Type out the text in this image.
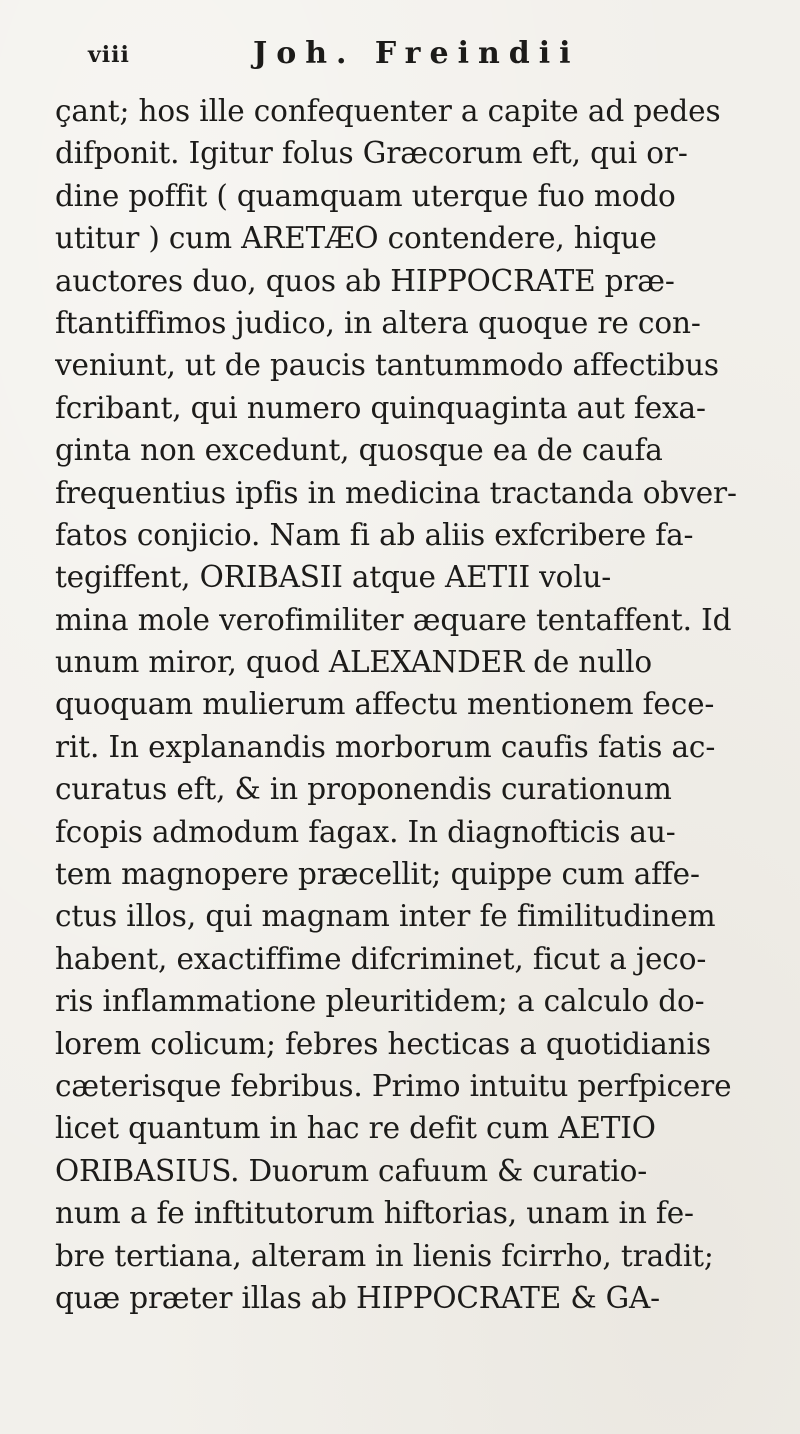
viii	Joh. Freindii
çant; hos ille confequenter a capite ad pedes
difponit. Igitur folus Græcorum eft, qui or-
dine poffit ( quamquam uterque fuo modo
utitur ) cum ARETÆO contendere, hique
auctores duo, quos ab HIPPOCRATE præ-
ftantiffimos judico, in altera quoque re con-
veniunt, ut de paucis tantummodo affectibus
fcribant, qui numero quinquaginta aut fexa-
ginta non excedunt, quosque ea de caufa
frequentius ipfis in medicina tractanda obver-
fatos conjicio. Nam fi ab aliis exfcribere fa-
tegiffent, ORIBASII atque AETII volu-
mina mole verofimiliter æquare tentaffent. Id
unum miror, quod ALEXANDER de nullo
quoquam mulierum affectu mentionem fece-
rit. In explanandis morborum caufis fatis ac-
curatus eft, & in proponendis curationum
fcopis admodum fagax. In diagnofticis au-
tem magnopere præcellit; quippe cum affe-
ctus illos, qui magnam inter fe fimilitudinem
habent, exactiffime difcriminet, ficut a jeco-
ris inflammatione pleuritidem; a calculo do-
lorem colicum; febres hecticas a quotidianis
cæterisque febribus. Primo intuitu perfpicere
licet quantum in hac re defit cum AETIO
ORIBASIUS. Duorum cafuum & curatio-
num a fe inftitutorum hiftorias, unam in fe-
bre tertiana, alteram in lienis fcirrho, tradit;
quæ præter illas ab HIPPOCRATE & GA-
